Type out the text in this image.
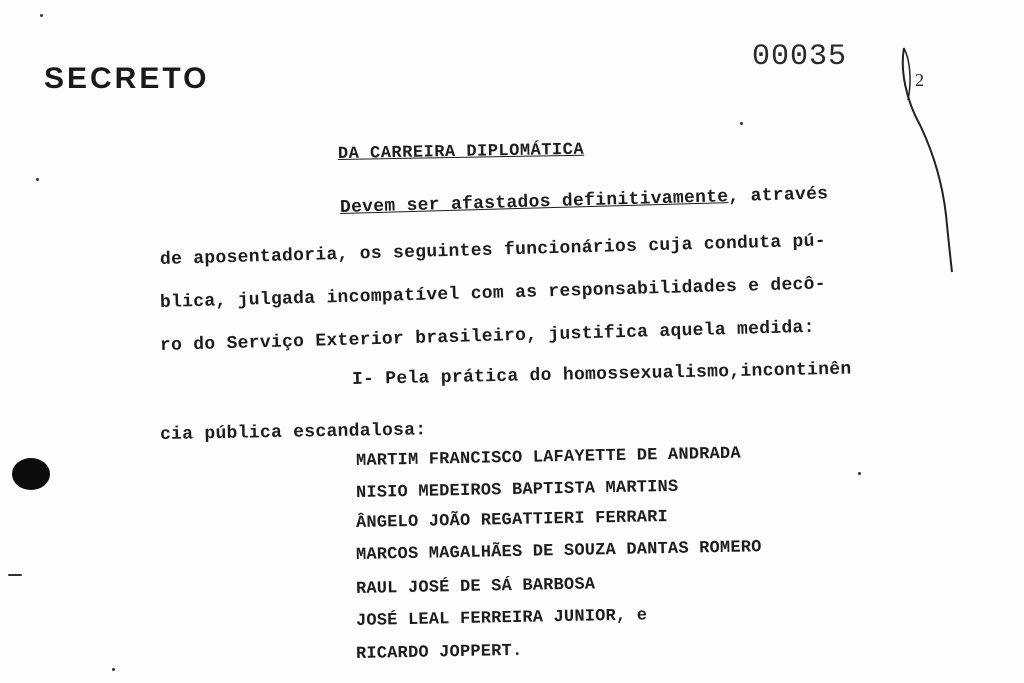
SECRETO
00035
2
DA CARREIRA DIPLOMÁTICA
Devem ser afastados definitivamente, através
de aposentadoria, os seguintes funcionários cuja conduta pú-
blica, julgada incompatível com as responsabilidades e decô-
ro do Serviço Exterior brasileiro, justifica aquela medida:
I- Pela prática do homossexualismo,incontinên
cia pública escandalosa:
MARTIM FRANCISCO LAFAYETTE DE ANDRADA
NISIO MEDEIROS BAPTISTA MARTINS
ÂNGELO JOÃO REGATTIERI FERRARI
MARCOS MAGALHÃES DE SOUZA DANTAS ROMERO
RAUL JOSÉ DE SÁ BARBOSA
JOSÉ LEAL FERREIRA JUNIOR, e
RICARDO JOPPERT.
